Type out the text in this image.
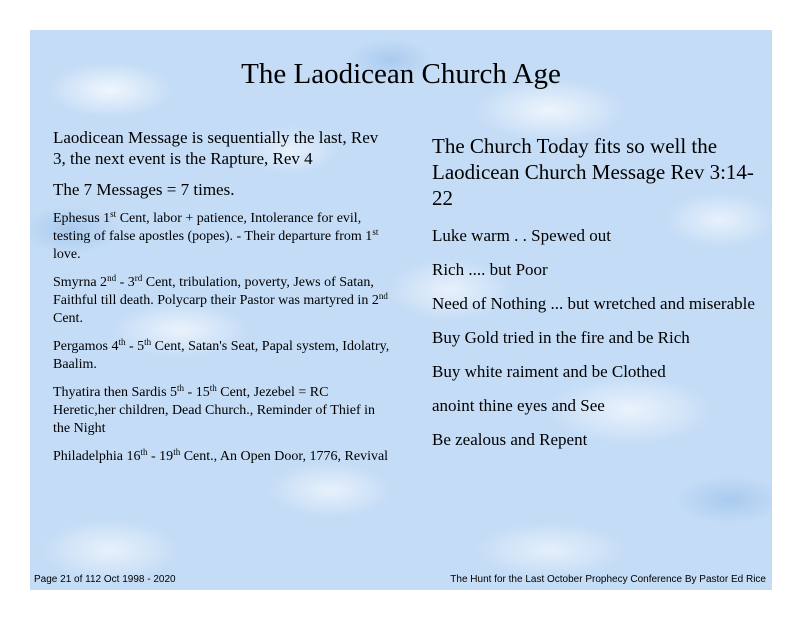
The Laodicean Church Age

Laodicean Message is sequentially the last, Rev 3, the next event is the Rapture, Rev 4

The 7 Messages = 7 times.

Ephesus 1st Cent, labor + patience, Intolerance for evil, testing of false apostles (popes). - Their departure from 1st love.

Smyrna 2nd - 3rd Cent, tribulation, poverty, Jews of Satan, Faithful till death. Polycarp their Pastor was martyred in 2nd Cent.

Pergamos 4th - 5th Cent, Satan's Seat, Papal system, Idolatry, Baalim.

Thyatira then Sardis 5th - 15th Cent, Jezebel = RC Heretic,her children, Dead Church., Reminder of Thief in the Night

Philadelphia 16th - 19th Cent., An Open Door, 1776, Revival

The Church Today fits so well the Laodicean Church Message Rev 3:14-22

Luke warm . . Spewed out

Rich .... but Poor

Need of Nothing ... but wretched and miserable

Buy Gold tried in the fire and be Rich

Buy white raiment and be Clothed

anoint thine eyes and See

Be zealous and Repent

Page 21 of 112 Oct 1998 - 2020	The Hunt for the Last October Prophecy Conference By Pastor Ed Rice
